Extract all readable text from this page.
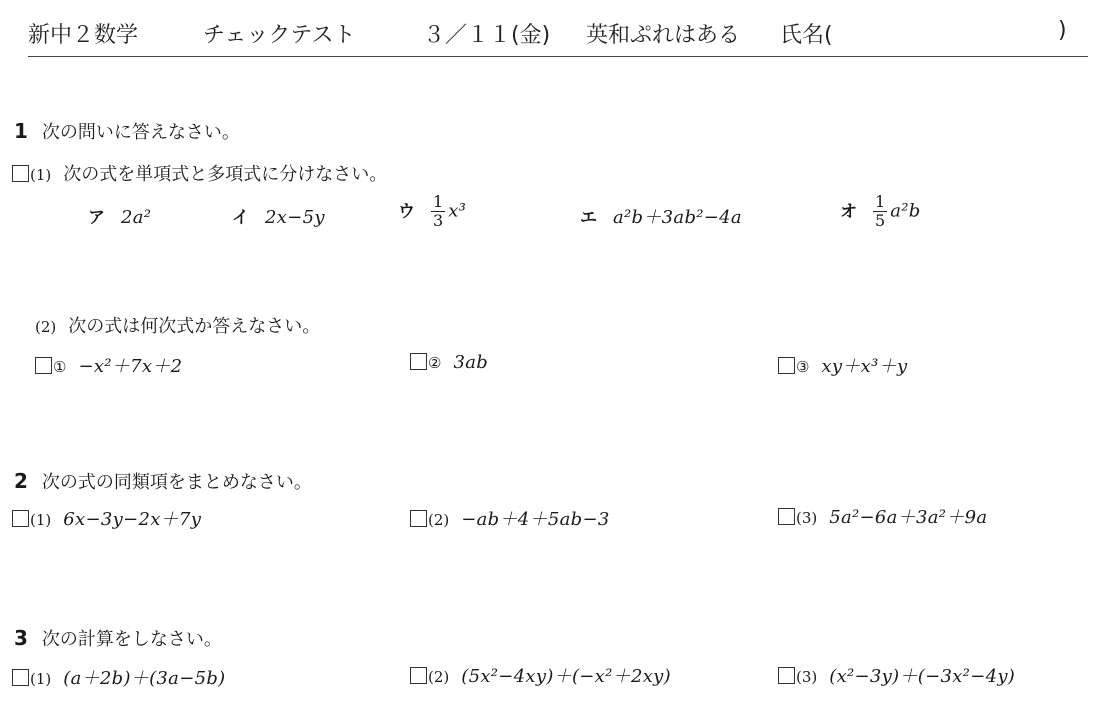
新中２数学	チェックテスト	３／１１(金) 英和ぷれはある 氏名(	)
1 次の問いに答えなさい。
(1) 次の式を単項式と多項式に分けなさい。
ア 2a²	イ 2x−5y	ウ $\frac{1}{3} x^3$	エ a²b＋3ab²−4a	オ $\frac{1}{5} a^2b$
(2) 次の式は何次式か答えなさい。
① −x²＋7x＋2	② 3ab	③ xy＋x³＋y
2 次の式の同類項をまとめなさい。
(1) 6x−3y−2x＋7y	(2) −ab＋4＋5ab−3	(3) 5a²−6a＋3a²＋9a
3 次の計算をしなさい。
(1) (a＋2b)＋(3a−5b)	(2) (5x²−4xy)＋(−x²＋2xy)	(3) (x²−3y)＋(−3x²−4y)
